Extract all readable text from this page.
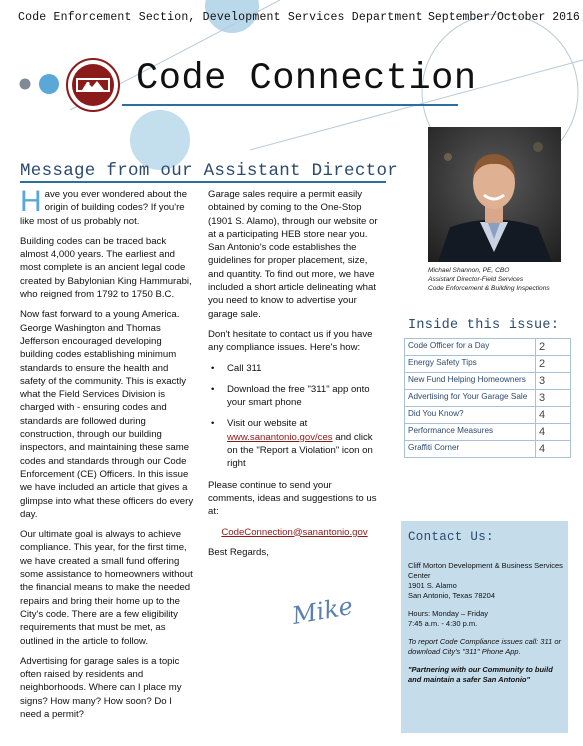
Code Enforcement Section, Development Services Department September/October 2016
Code Connection
Message from our Assistant Director

Have you ever wondered about the origin of building codes? If you're like most of us probably not.

Building codes can be traced back almost 4,000 years. The earliest and most complete is an ancient legal code created by Babylonian King Hammurabi, who reigned from 1792 to 1750 B.C.

Now fast forward to a young America. George Washington and Thomas Jefferson encouraged developing building codes establishing minimum standards to ensure the health and safety of the community. This is exactly what the Field Services Division is charged with - ensuring codes and standards are followed during construction, through our building inspectors, and maintaining these same codes and standards through our Code Enforcement (CE) Officers. In this issue we have included an article that gives a glimpse into what these officers do every day.

Our ultimate goal is always to achieve compliance. This year, for the first time, we have created a small fund offering some assistance to homeowners without the financial means to make the needed repairs and bring their home up to the City's code. There are a few eligibility requirements that must be met, as outlined in the article to follow.

Advertising for garage sales is a topic often raised by residents and neighborhoods. Where can I place my signs? How many? How soon? Do I need a permit?

Garage sales require a permit easily obtained by coming to the One-Stop (1901 S. Alamo), through our website or at a participating HEB store near you. San Antonio's code establishes the guidelines for proper placement, size, and quantity. To find out more, we have included a short article delineating what you need to know to advertise your garage sale.

Don't hesitate to contact us if you have any compliance issues. Here's how:

• Call 311
• Download the free "311" app onto your smart phone
• Visit our website at www.sanantonio.gov/ces and click on the "Report a Violation" icon on right

Please continue to send your comments, ideas and suggestions to us at:

CodeConnection@sanantonio.gov

Best Regards,

Mike
Michael Shannon, PE, CBO
Assistant Director-Field Services
Code Enforcement & Building Inspections
Inside this issue:
Code Officer for a Day	2
Energy Safety Tips	2
New Fund Helping Homeowners	3
Advertising for Your Garage Sale	3
Did You Know?	4
Performance Measures	4
Graffiti Corner	4
Contact Us:

Cliff Morton Development & Business Services Center
1901 S. Alamo
San Antonio, Texas 78204

Hours: Monday – Friday
7:45 a.m. - 4:30 p.m.

To report Code Compliance issues call: 311 or download City's "311" Phone App.

"Partnering with our Community to build and maintain a safer San Antonio"
